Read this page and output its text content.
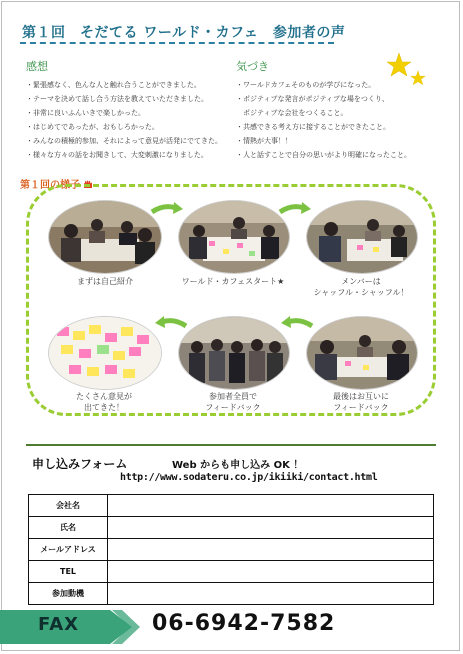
第１回　そだてる ワールド・カフェ　参加者の声
感想
・緊張感なく、色んな人と触れ合うことができました。
・テーマを決めて話し合う方法を教えていただきました。
・非常に良いふんいきで楽しかった。
・はじめてであったが、おもしろかった。
・みんなの積極的参加、それによって意見が活発にでてきた。
・様々な方々の話をお聞きして、大変刺激になりました。
気づき
・ワールドカフェそのものが学びになった。
・ポジティブな発言がポジティブな場をつくり、
　ポジティブな会社をつくること。
・共感できる考え方に接することができたこと。
・情熱が大事！！
・人と話すことで自分の思いがより明確になったこと。
第１回の様子
まずは自己紹介	ワールド・カフェスタート★	メンバーは
シャッフル・シャッフル！
たくさん意見が
出てきた！
参加者全員で
フィードバック
最後はお互いに
フィードバック
申し込みフォーム	Web からも申し込み OK ！
http://www.sodateru.co.jp/ikiiki/contact.html
会社名	
氏名	
メールアドレス	
TEL	
参加動機	
FAX	06-6942-7582
